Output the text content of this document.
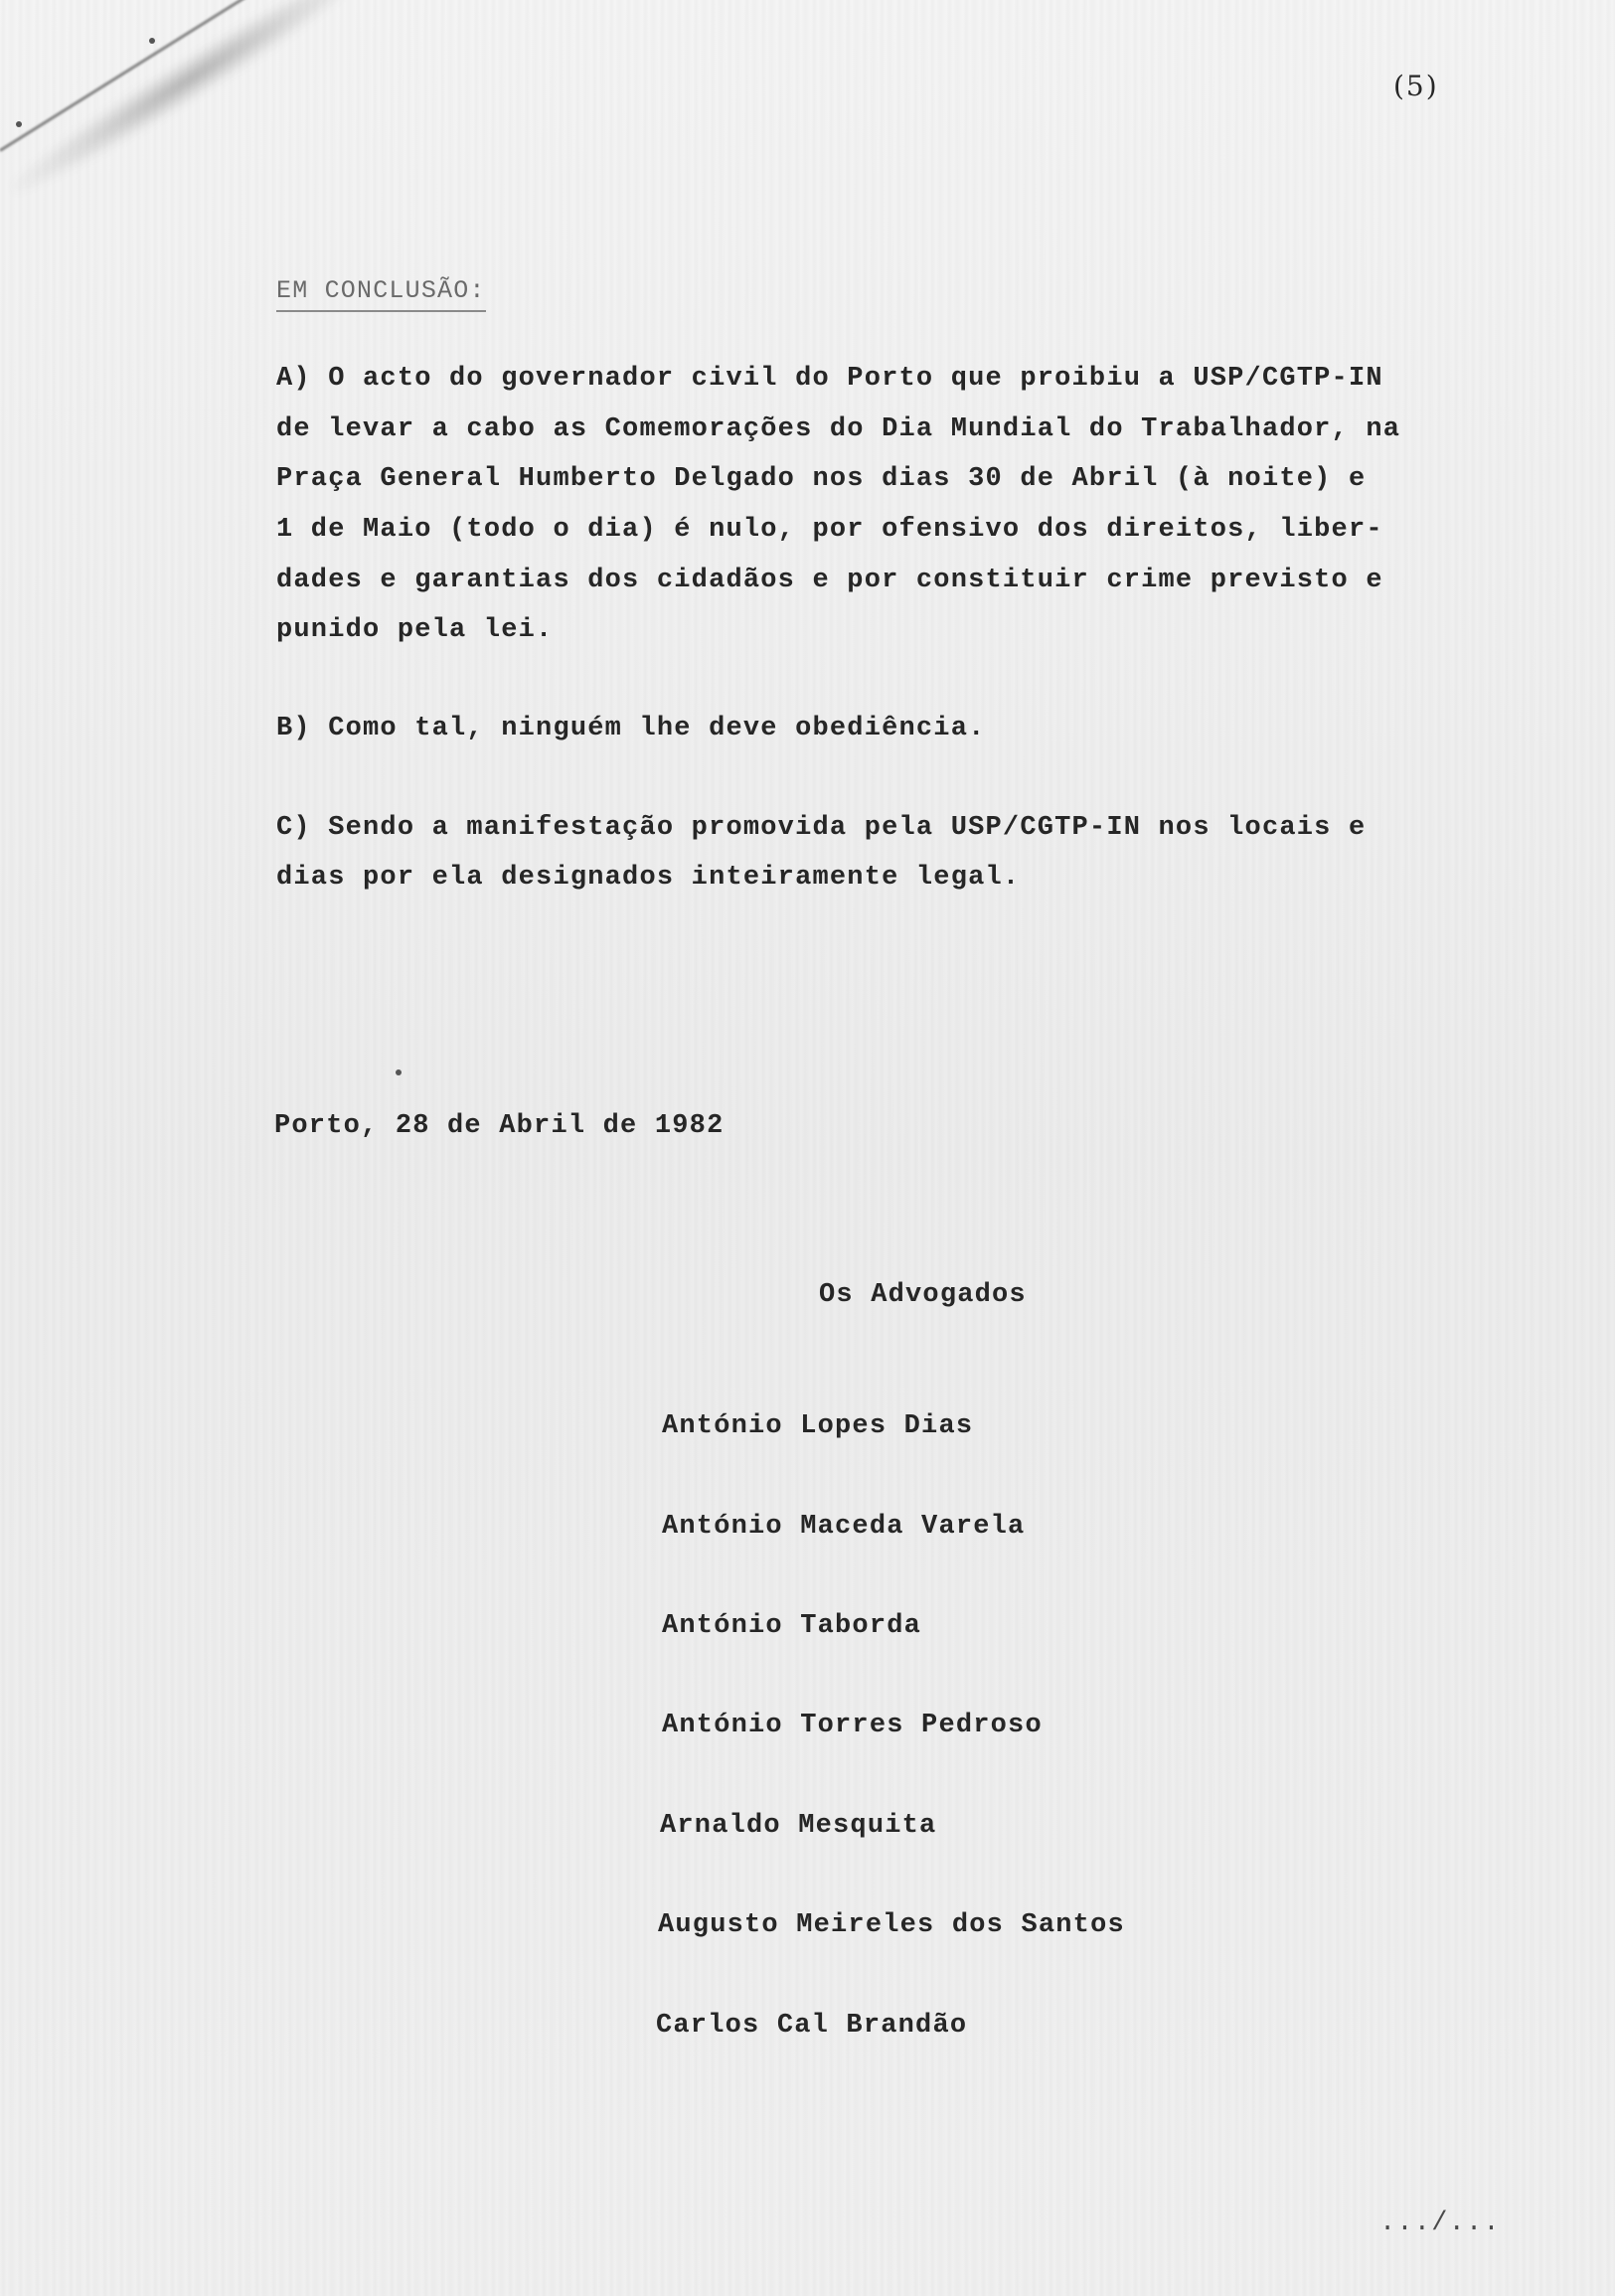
(5)
EM CONCLUSÃO:
A) O acto do governador civil do Porto que proibiu a USP/CGTP-IN
de levar a cabo as Comemorações do Dia Mundial do Trabalhador, na
Praça General Humberto Delgado nos dias 30 de Abril (à noite) e
1 de Maio (todo o dia) é nulo, por ofensivo dos direitos, liber-
dades e garantias dos cidadãos e por constituir crime previsto e
punido pela lei.
B) Como tal, ninguém lhe deve obediência.
C) Sendo a manifestação promovida pela USP/CGTP-IN nos locais e
dias por ela designados inteiramente legal.
Porto, 28 de Abril de 1982
Os Advogados
António Lopes Dias
António Maceda Varela
António Taborda
António Torres Pedroso
Arnaldo Mesquita
Augusto Meireles dos Santos
Carlos Cal Brandão
.../...
